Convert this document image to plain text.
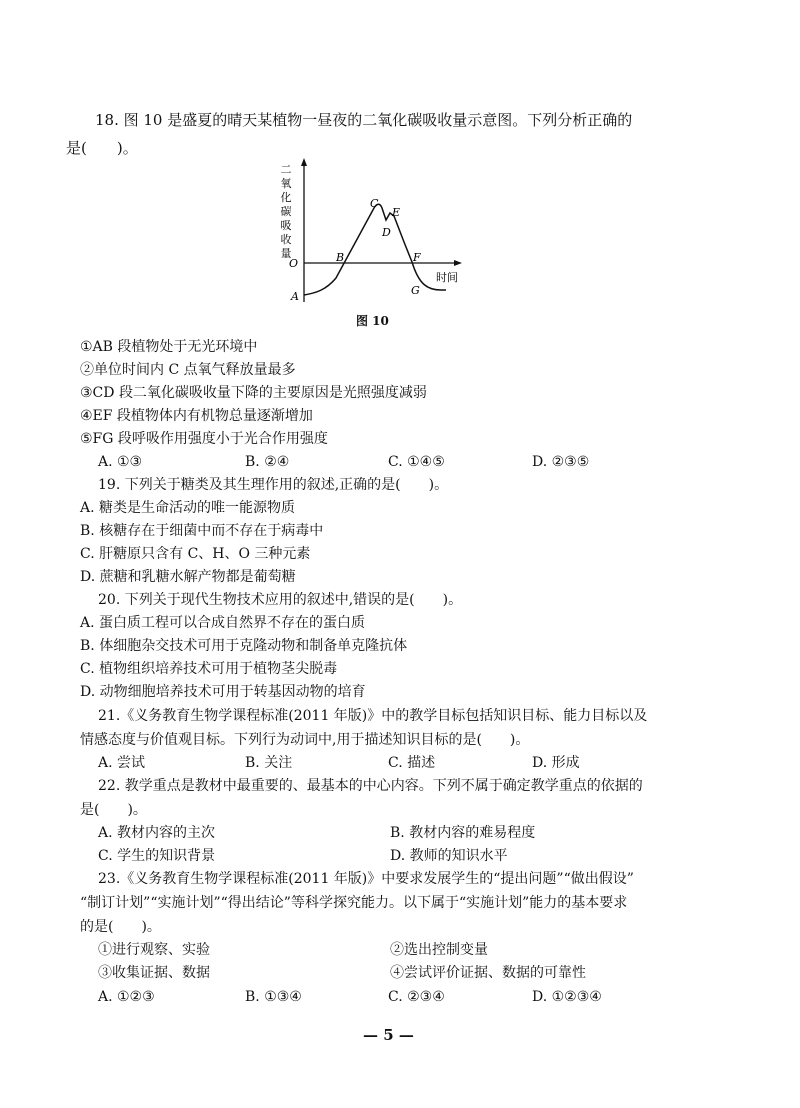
18. 图 10 是盛夏的晴天某植物一昼夜的二氧化碳吸收量示意图。下列分析正确的
是(　　)。
二
氧
化
碳
吸
收
量
O
A
B
C
D
E
F
G
时间
图 10
①AB 段植物处于无光环境中
②单位时间内 C 点氧气释放量最多
③CD 段二氧化碳吸收量下降的主要原因是光照强度减弱
④EF 段植物体内有机物总量逐渐增加
⑤FG 段呼吸作用强度小于光合作用强度
A. ①③	B. ②④	C. ①④⑤	D. ②③⑤
19. 下列关于糖类及其生理作用的叙述,正确的是(　　)。
A. 糖类是生命活动的唯一能源物质
B. 核糖存在于细菌中而不存在于病毒中
C. 肝糖原只含有 C、H、O 三种元素
D. 蔗糖和乳糖水解产物都是葡萄糖
20. 下列关于现代生物技术应用的叙述中,错误的是(　　)。
A. 蛋白质工程可以合成自然界不存在的蛋白质
B. 体细胞杂交技术可用于克隆动物和制备单克隆抗体
C. 植物组织培养技术可用于植物茎尖脱毒
D. 动物细胞培养技术可用于转基因动物的培育
21.《义务教育生物学课程标准(2011 年版)》中的教学目标包括知识目标、能力目标以及
情感态度与价值观目标。下列行为动词中,用于描述知识目标的是(　　)。
A. 尝试	B. 关注	C. 描述	D. 形成
22. 教学重点是教材中最重要的、最基本的中心内容。下列不属于确定教学重点的依据的
是(　　)。
A. 教材内容的主次	B. 教材内容的难易程度
C. 学生的知识背景	D. 教师的知识水平
23.《义务教育生物学课程标准(2011 年版)》中要求发展学生的“提出问题”“做出假设”
“制订计划”“实施计划”“得出结论”等科学探究能力。以下属于“实施计划”能力的基本要求
的是(　　)。
①进行观察、实验	②选出控制变量
③收集证据、数据	④尝试评价证据、数据的可靠性
A. ①②③	B. ①③④	C. ②③④	D. ①②③④
— 5 —
